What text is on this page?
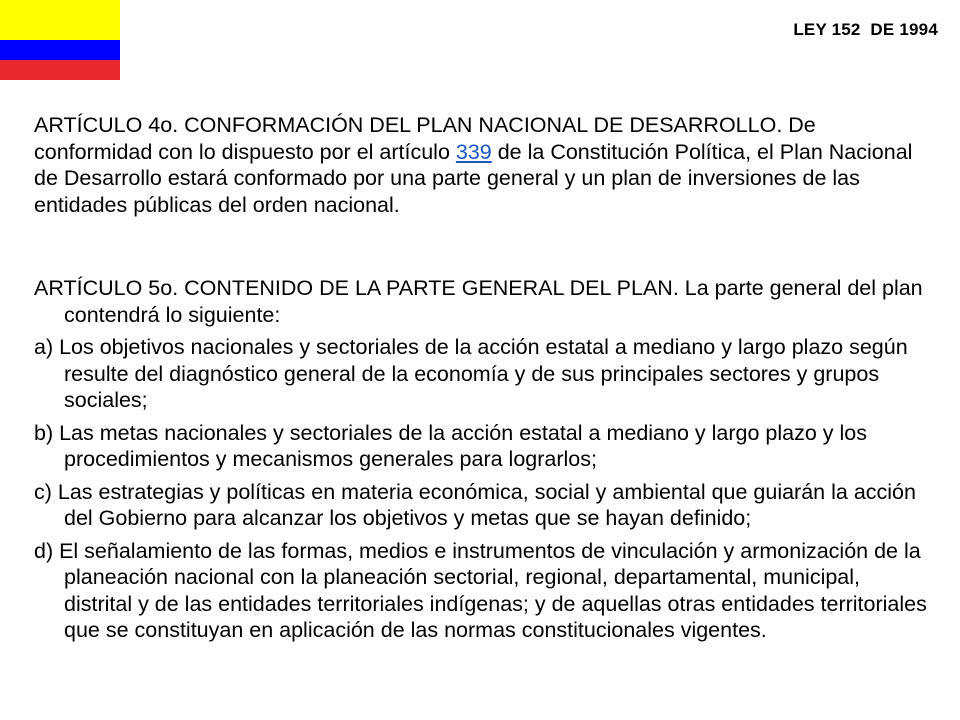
LEY 152  DE 1994

ARTÍCULO 4o. CONFORMACIÓN DEL PLAN NACIONAL DE DESARROLLO. De conformidad con lo dispuesto por el artículo 339 de la Constitución Política, el Plan Nacional de Desarrollo estará conformado por una parte general y un plan de inversiones de las entidades públicas del orden nacional.

ARTÍCULO 5o. CONTENIDO DE LA PARTE GENERAL DEL PLAN. La parte general del plan contendrá lo siguiente:

a) Los objetivos nacionales y sectoriales de la acción estatal a mediano y largo plazo según resulte del diagnóstico general de la economía y de sus principales sectores y grupos sociales;

b) Las metas nacionales y sectoriales de la acción estatal a mediano y largo plazo y los procedimientos y mecanismos generales para lograrlos;

c) Las estrategias y políticas en materia económica, social y ambiental que guiarán la acción del Gobierno para alcanzar los objetivos y metas que se hayan definido;

d) El señalamiento de las formas, medios e instrumentos de vinculación y armonización de la planeación nacional con la planeación sectorial, regional, departamental, municipal, distrital y de las entidades territoriales indígenas; y de aquellas otras entidades territoriales que se constituyan en aplicación de las normas constitucionales vigentes.
